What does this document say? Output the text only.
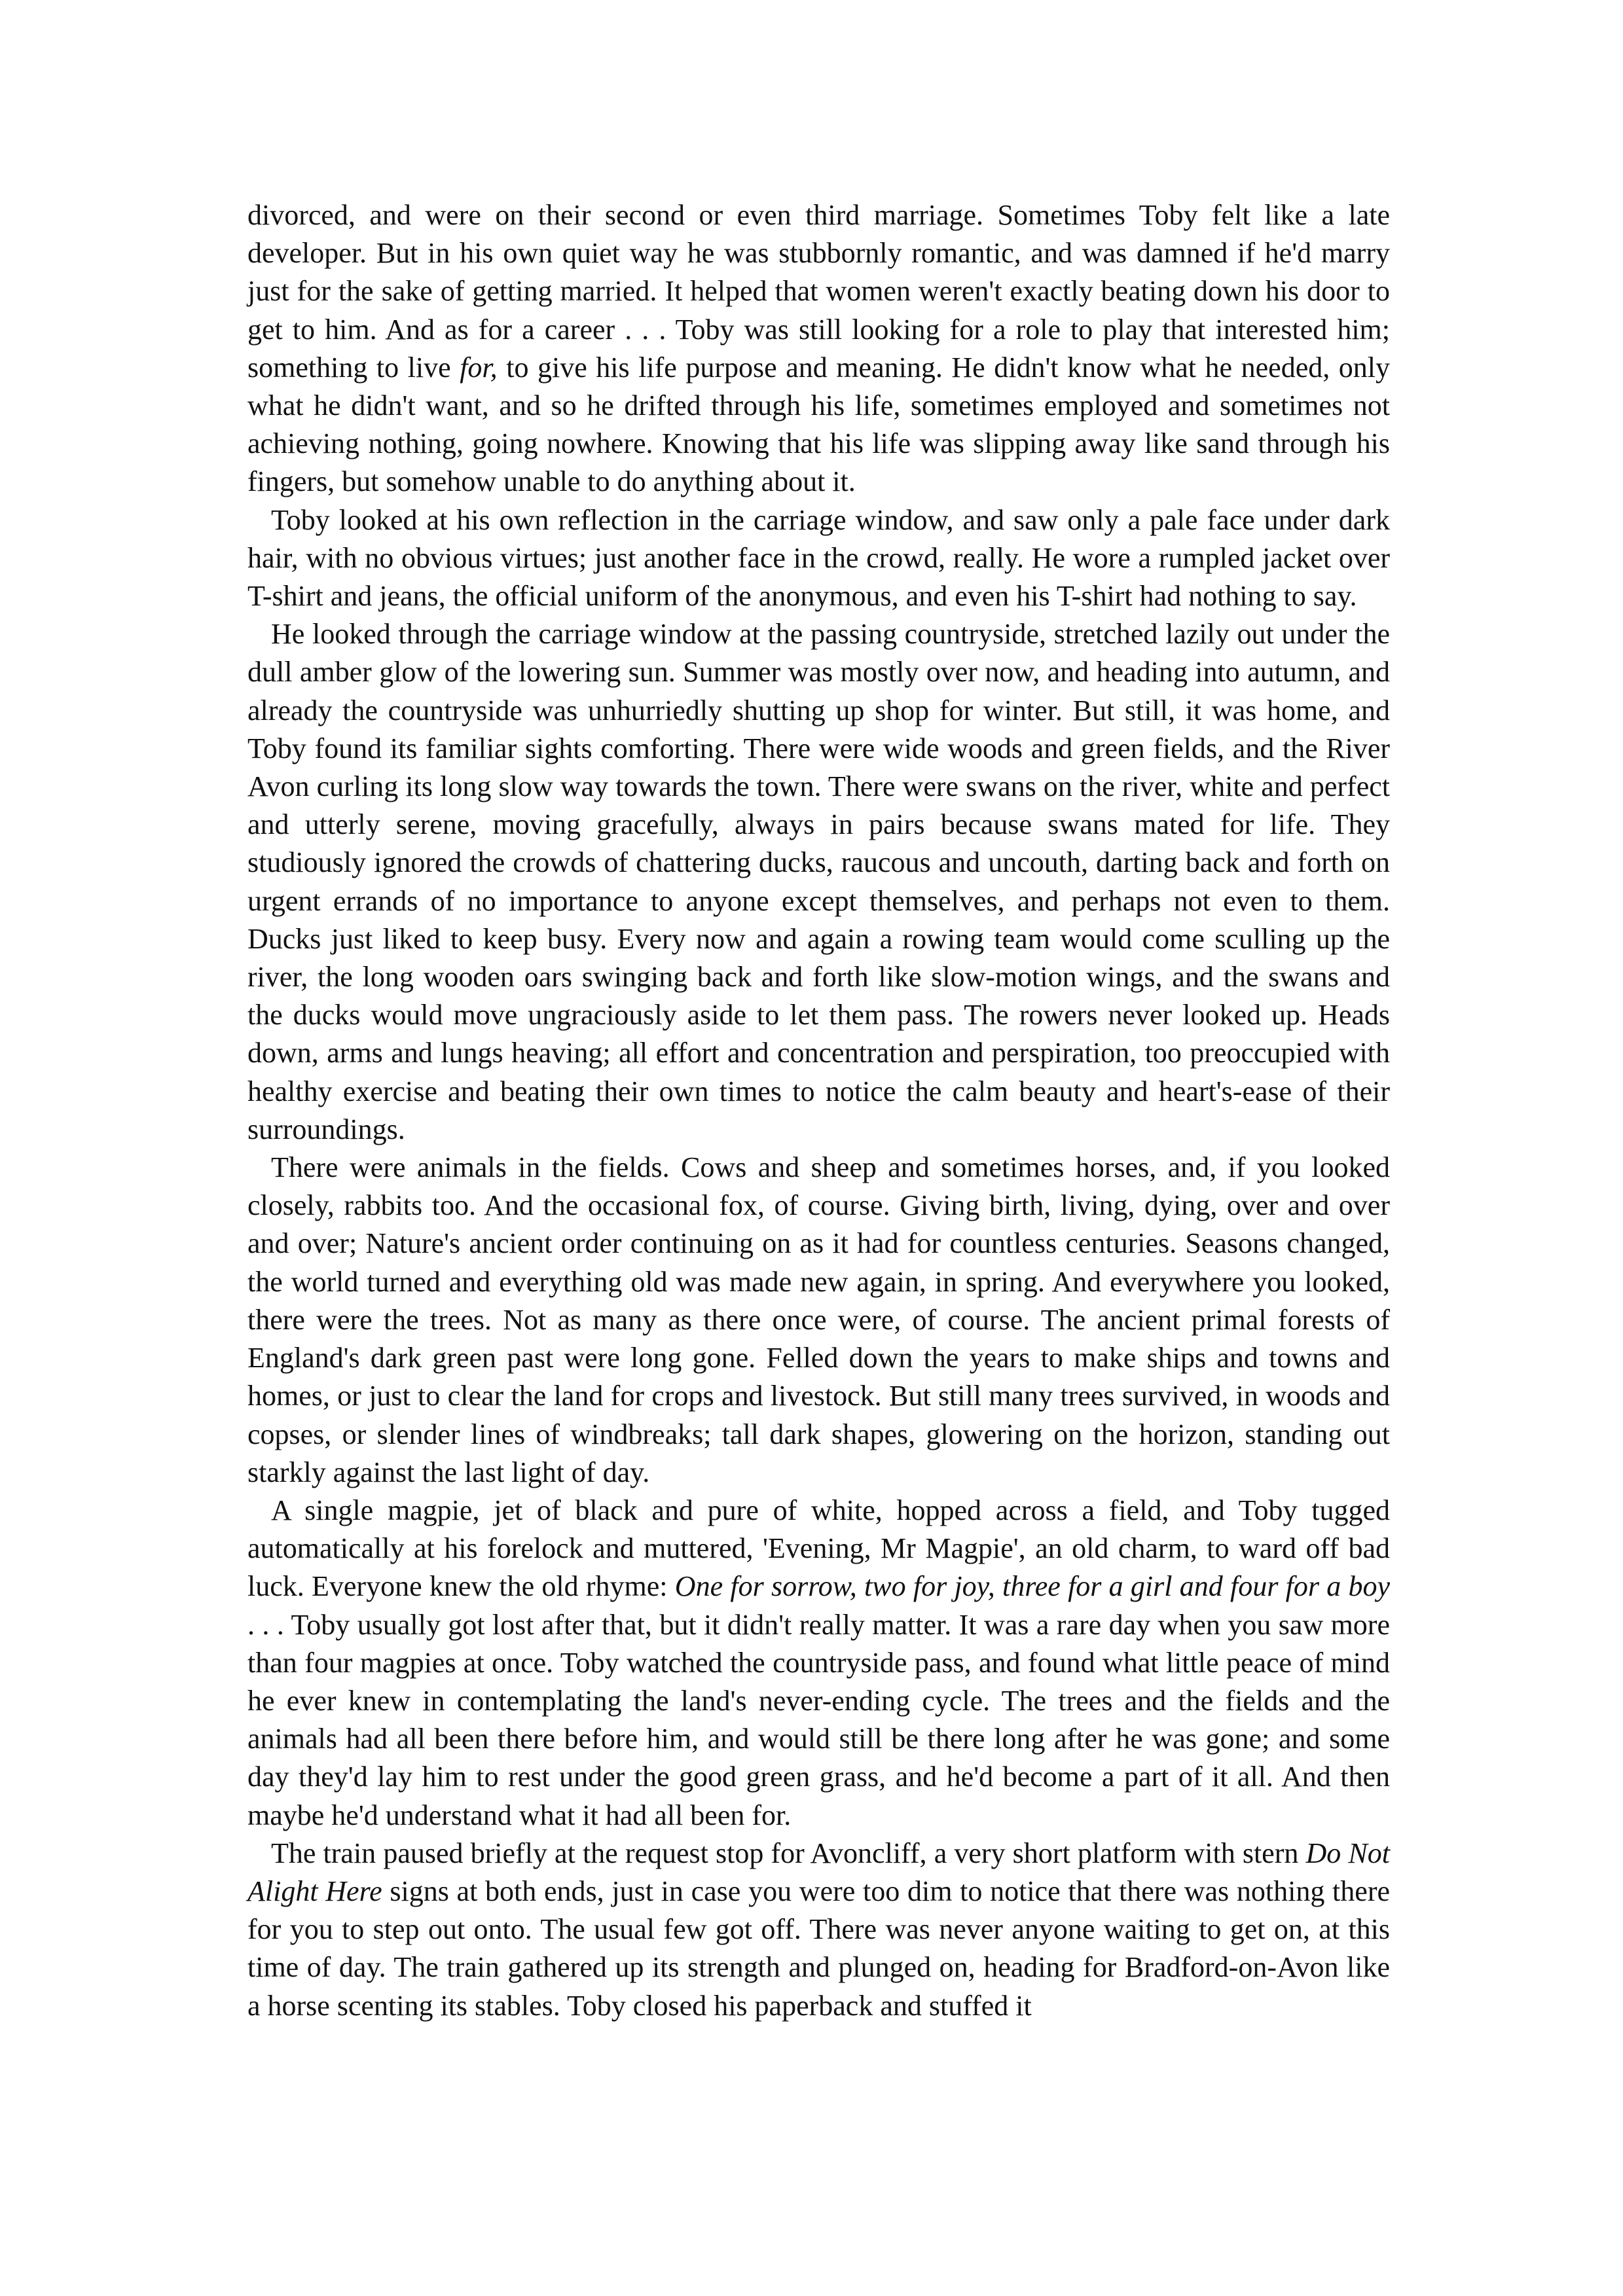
divorced, and were on their second or even third marriage. Sometimes Toby felt like a late developer. But in his own quiet way he was stubbornly romantic, and was damned if he'd marry just for the sake of getting married. It helped that women weren't exactly beating down his door to get to him. And as for a career . . . Toby was still looking for a role to play that interested him; something to live for, to give his life purpose and meaning. He didn't know what he needed, only what he didn't want, and so he drifted through his life, sometimes employed and sometimes not achieving nothing, going nowhere. Knowing that his life was slipping away like sand through his fingers, but somehow unable to do anything about it.

Toby looked at his own reflection in the carriage window, and saw only a pale face under dark hair, with no obvious virtues; just another face in the crowd, really. He wore a rumpled jacket over T-shirt and jeans, the official uniform of the anonymous, and even his T-shirt had nothing to say.

He looked through the carriage window at the passing countryside, stretched lazily out under the dull amber glow of the lowering sun. Summer was mostly over now, and heading into autumn, and already the countryside was unhurriedly shutting up shop for winter. But still, it was home, and Toby found its familiar sights comforting. There were wide woods and green fields, and the River Avon curling its long slow way towards the town. There were swans on the river, white and perfect and utterly serene, moving gracefully, always in pairs because swans mated for life. They studiously ignored the crowds of chattering ducks, raucous and uncouth, darting back and forth on urgent errands of no importance to anyone except themselves, and perhaps not even to them. Ducks just liked to keep busy. Every now and again a rowing team would come sculling up the river, the long wooden oars swinging back and forth like slow-motion wings, and the swans and the ducks would move ungraciously aside to let them pass. The rowers never looked up. Heads down, arms and lungs heaving; all effort and concentration and perspiration, too preoccupied with healthy exercise and beating their own times to notice the calm beauty and heart's-ease of their surroundings.

There were animals in the fields. Cows and sheep and sometimes horses, and, if you looked closely, rabbits too. And the occasional fox, of course. Giving birth, living, dying, over and over and over; Nature's ancient order continuing on as it had for countless centuries. Seasons changed, the world turned and everything old was made new again, in spring. And everywhere you looked, there were the trees. Not as many as there once were, of course. The ancient primal forests of England's dark green past were long gone. Felled down the years to make ships and towns and homes, or just to clear the land for crops and livestock. But still many trees survived, in woods and copses, or slender lines of windbreaks; tall dark shapes, glowering on the horizon, standing out starkly against the last light of day.

A single magpie, jet of black and pure of white, hopped across a field, and Toby tugged automatically at his forelock and muttered, 'Evening, Mr Magpie', an old charm, to ward off bad luck. Everyone knew the old rhyme: One for sorrow, two for joy, three for a girl and four for a boy . . . Toby usually got lost after that, but it didn't really matter. It was a rare day when you saw more than four magpies at once. Toby watched the countryside pass, and found what little peace of mind he ever knew in contemplating the land's never-ending cycle. The trees and the fields and the animals had all been there before him, and would still be there long after he was gone; and some day they'd lay him to rest under the good green grass, and he'd become a part of it all. And then maybe he'd understand what it had all been for.

The train paused briefly at the request stop for Avoncliff, a very short platform with stern Do Not Alight Here signs at both ends, just in case you were too dim to notice that there was nothing there for you to step out onto. The usual few got off. There was never anyone waiting to get on, at this time of day. The train gathered up its strength and plunged on, heading for Bradford-on-Avon like a horse scenting its stables. Toby closed his paperback and stuffed it
